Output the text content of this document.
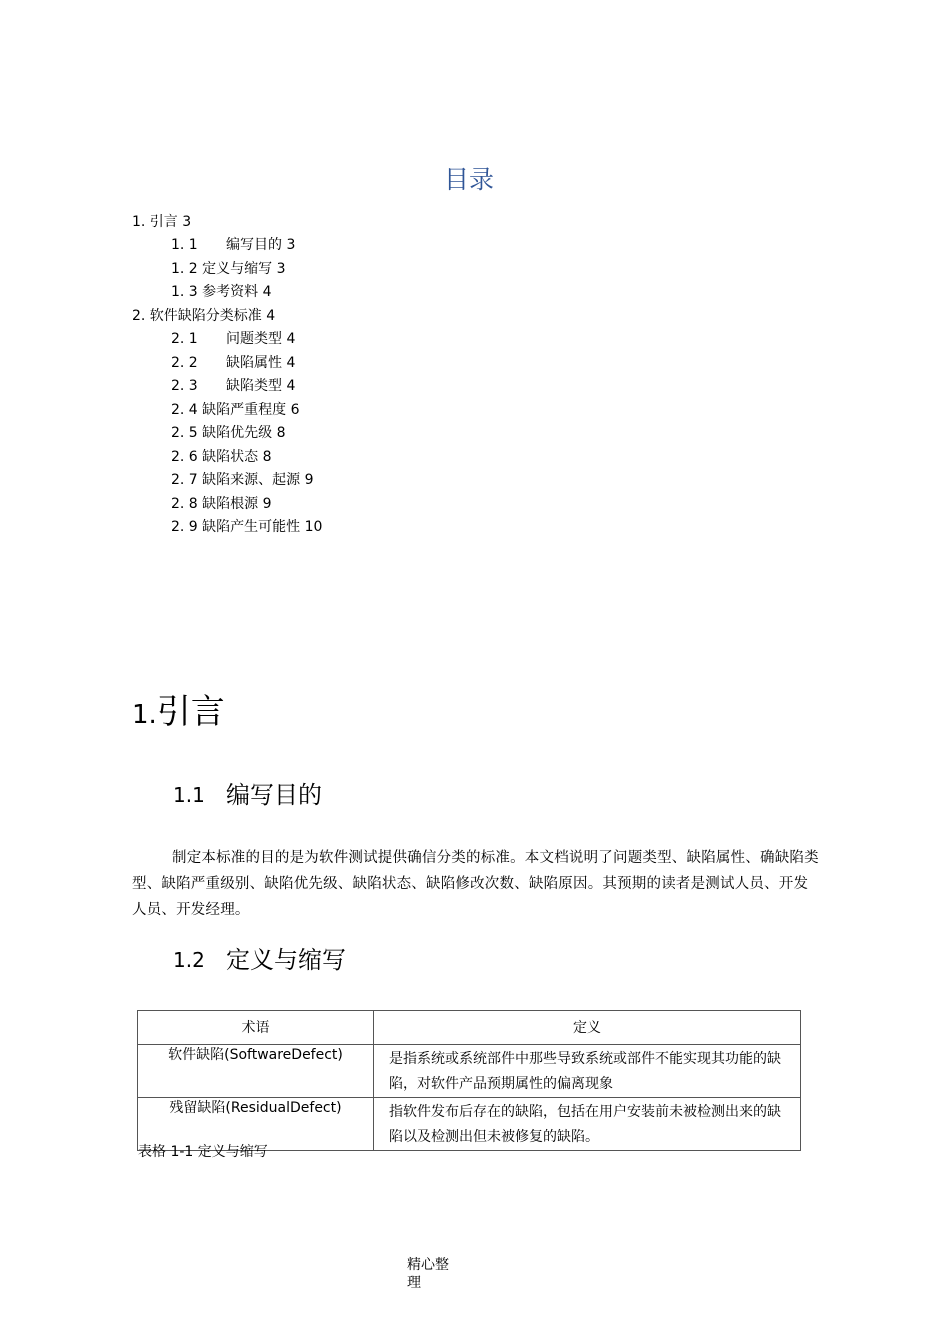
目录
1. 引言 3
1. 1 编写目的 3
1. 2 定义与缩写 3
1. 3 参考资料 4
2. 软件缺陷分类标准 4
2. 1 问题类型 4
2. 2 缺陷属性 4
2. 3 缺陷类型 4
2. 4 缺陷严重程度 6
2. 5 缺陷优先级 8
2. 6 缺陷状态 8
2. 7 缺陷来源、起源 9
2. 8 缺陷根源 9
2. 9 缺陷产生可能性 10
1.引言
1.1 编写目的
制定本标准的目的是为软件测试提供确信分类的标准。本文档说明了问题类型、缺陷属性、确缺陷类型、缺陷严重级别、缺陷优先级、缺陷状态、缺陷修改次数、缺陷原因。其预期的读者是测试人员、开发人员、开发经理。
1.2 定义与缩写
术语	定义
软件缺陷(SoftwareDefect)	是指系统或系统部件中那些导致系统或部件不能实现其功能的缺陷，对软件产品预期属性的偏离现象
残留缺陷(ResidualDefect)	指软件发布后存在的缺陷，包括在用户安装前未被检测出来的缺陷以及检测出但未被修复的缺陷。
表格 1-1 定义与缩写
精心整理
